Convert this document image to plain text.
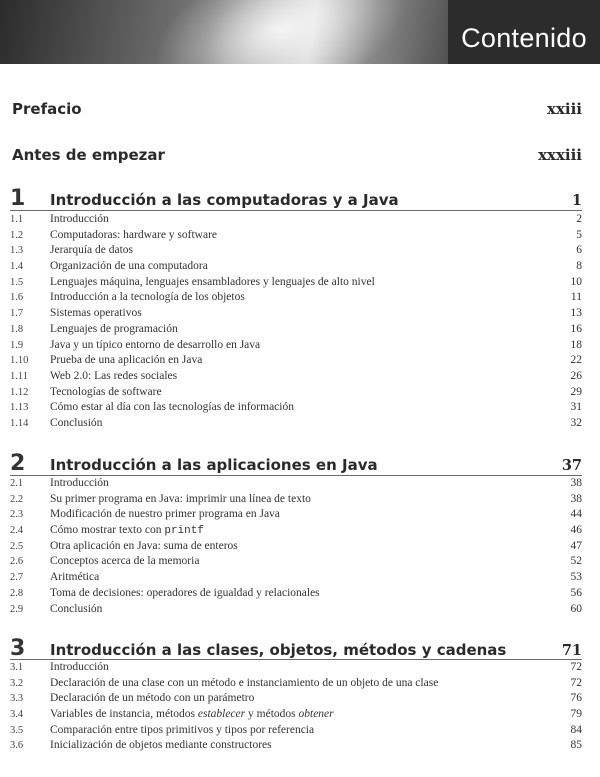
Contenido
Prefacio	xxiii
Antes de empezar	xxxiii
1	Introducción a las computadoras y a Java	1
1.1	Introducción	2
1.2	Computadoras: hardware y software	5
1.3	Jerarquía de datos	6
1.4	Organización de una computadora	8
1.5	Lenguajes máquina, lenguajes ensambladores y lenguajes de alto nivel	10
1.6	Introducción a la tecnología de los objetos	11
1.7	Sistemas operativos	13
1.8	Lenguajes de programación	16
1.9	Java y un típico entorno de desarrollo en Java	18
1.10	Prueba de una aplicación en Java	22
1.11	Web 2.0: Las redes sociales	26
1.12	Tecnologías de software	29
1.13	Cómo estar al día con las tecnologías de información	31
1.14	Conclusión	32
2	Introducción a las aplicaciones en Java	37
2.1	Introducción	38
2.2	Su primer programa en Java: imprimir una línea de texto	38
2.3	Modificación de nuestro primer programa en Java	44
2.4	Cómo mostrar texto con printf	46
2.5	Otra aplicación en Java: suma de enteros	47
2.6	Conceptos acerca de la memoria	52
2.7	Aritmética	53
2.8	Toma de decisiones: operadores de igualdad y relacionales	56
2.9	Conclusión	60
3	Introducción a las clases, objetos, métodos y cadenas	71
3.1	Introducción	72
3.2	Declaración de una clase con un método e instanciamiento de un objeto de una clase	72
3.3	Declaración de un método con un parámetro	76
3.4	Variables de instancia, métodos establecer y métodos obtener	79
3.5	Comparación entre tipos primitivos y tipos por referencia	84
3.6	Inicialización de objetos mediante constructores	85
